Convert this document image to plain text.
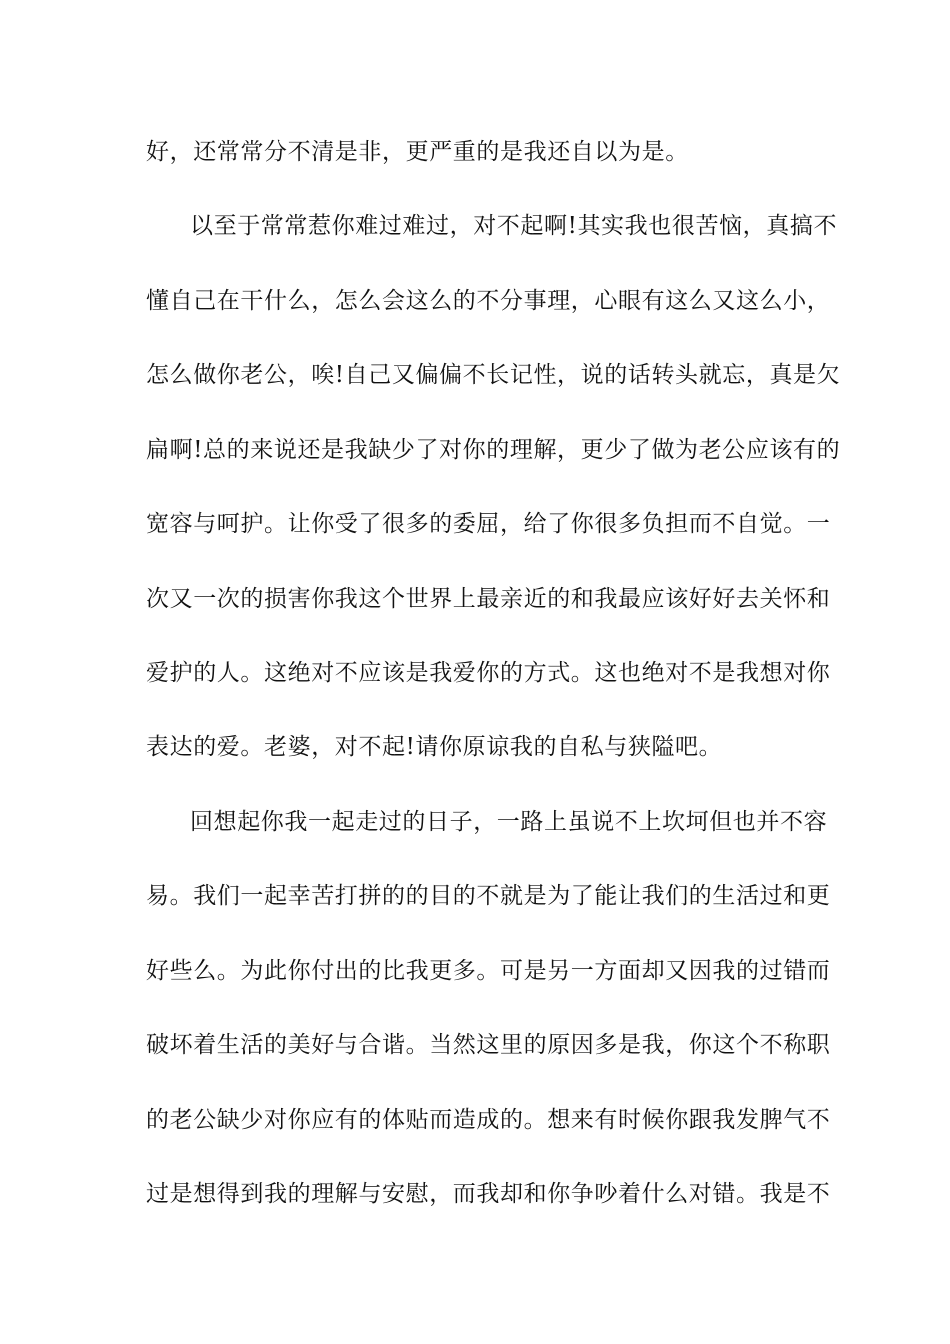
好，还常常分不清是非，更严重的是我还自以为是。
以至于常常惹你难过难过，对不起啊!其实我也很苦恼，真搞不
懂自己在干什么，怎么会这么的不分事理，心眼有这么又这么小，
怎么做你老公，唉!自己又偏偏不长记性，说的话转头就忘，真是欠
扁啊!总的来说还是我缺少了对你的理解，更少了做为老公应该有的
宽容与呵护。让你受了很多的委屈，给了你很多负担而不自觉。一
次又一次的损害你我这个世界上最亲近的和我最应该好好去关怀和
爱护的人。这绝对不应该是我爱你的方式。这也绝对不是我想对你
表达的爱。老婆，对不起!请你原谅我的自私与狭隘吧。
回想起你我一起走过的日子，一路上虽说不上坎坷但也并不容
易。我们一起幸苦打拼的的目的不就是为了能让我们的生活过和更
好些么。为此你付出的比我更多。可是另一方面却又因我的过错而
破坏着生活的美好与合谐。当然这里的原因多是我，你这个不称职
的老公缺少对你应有的体贴而造成的。想来有时候你跟我发脾气不
过是想得到我的理解与安慰，而我却和你争吵着什么对错。我是不
